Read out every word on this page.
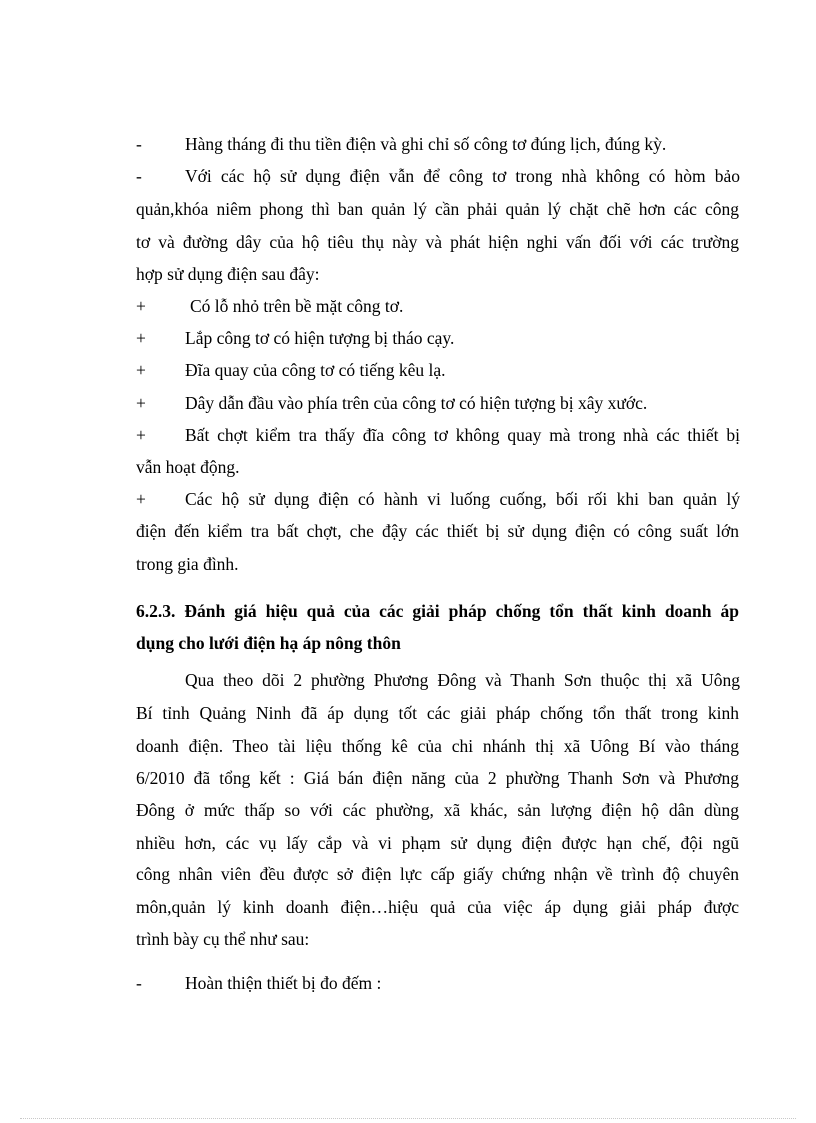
- Hàng tháng đi thu tiền điện và ghi chỉ số công tơ đúng lịch, đúng kỳ.
- Với các hộ sử dụng điện vẫn để công tơ trong nhà không có hòm bảo
quản,khóa niêm phong thì ban quản lý cần phải quản lý chặt chẽ hơn các công
tơ và đường dây của hộ tiêu thụ này và phát hiện nghi vấn đối với các trường
hợp sử dụng điện sau đây:
+	Có lỗ nhỏ trên bề mặt công tơ.
+ Lắp công tơ có hiện tượng bị tháo cạy.
+ Đĩa quay của công tơ có tiếng kêu lạ.
+ Dây dẫn đầu vào phía trên của công tơ có hiện tượng bị xây xước.
+ Bất chợt kiểm tra thấy đĩa công tơ không quay mà trong nhà các thiết bị
vẫn hoạt động.
+ Các hộ sử dụng điện có hành vi luống cuống, bối rối khi ban quản lý
điện đến kiểm tra bất chợt, che đậy các thiết bị sử dụng điện có công suất lớn
trong gia đình.
6.2.3. Đánh giá hiệu quả của các giải pháp chống tổn thất kinh doanh áp
dụng cho lưới điện hạ áp nông thôn
Qua theo dõi 2 phường Phương Đông và Thanh Sơn thuộc thị xã Uông
Bí tỉnh Quảng Ninh đã áp dụng tốt các giải pháp chống tổn thất trong kinh
doanh điện. Theo tài liệu thống kê của chi nhánh thị xã Uông Bí vào tháng
6/2010 đã tổng kết : Giá bán điện năng của 2 phường Thanh Sơn và Phương
Đông ở mức thấp so với các phường, xã khác, sản lượng điện hộ dân dùng
nhiều hơn, các vụ lấy cắp và vi phạm sử dụng điện được hạn chế, đội ngũ
công nhân viên đều được sở điện lực cấp giấy chứng nhận về trình độ chuyên
môn,quản lý kinh doanh điện…hiệu quả của việc áp dụng giải pháp được
trình bày cụ thể như sau:
- Hoàn thiện thiết bị đo đếm :
